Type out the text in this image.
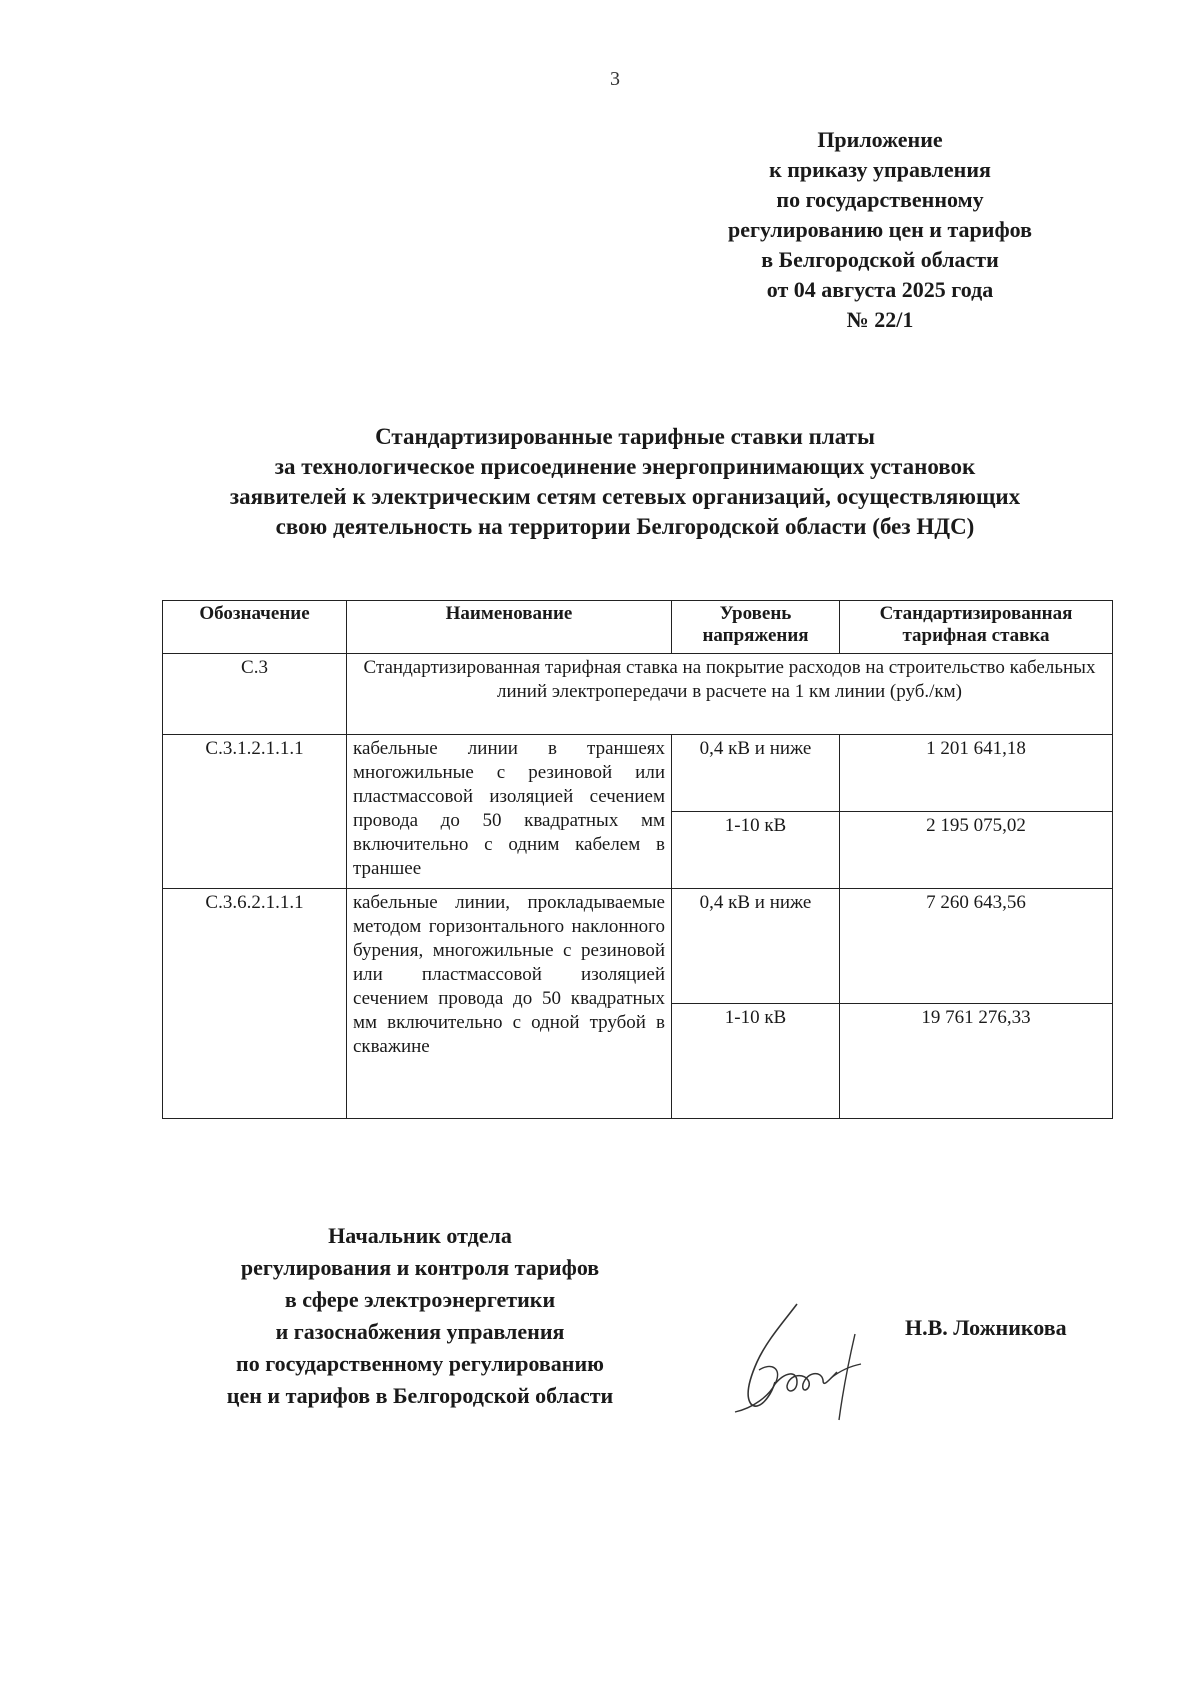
3
Приложение
к приказу управления
по государственному
регулированию цен и тарифов
в Белгородской области
от 04 августа 2025 года
№ 22/1
Стандартизированные тарифные ставки платы
за технологическое присоединение энергопринимающих установок
заявителей к электрическим сетям сетевых организаций, осуществляющих
свою деятельность на территории Белгородской области (без НДС)
Обозначение	Наименование	Уровень напряжения	Стандартизированная тарифная ставка
С.3	Стандартизированная тарифная ставка на покрытие расходов на строительство кабельных линий электропередачи в расчете на 1 км линии (руб./км)		
С.3.1.2.1.1.1	кабельные линии в траншеях многожильные с резиновой или пластмассовой изоляцией сечением провода до 50 квадратных мм включительно с одним кабелем в траншее	0,4 кВ и ниже	1 201 641,18
		1-10 кВ	2 195 075,02
С.3.6.2.1.1.1	кабельные линии, прокладываемые методом горизонтального наклонного бурения, многожильные с резиновой или пластмассовой изоляцией сечением провода до 50 квадратных мм включительно с одной трубой в скважине	0,4 кВ и ниже	7 260 643,56
		1-10 кВ	19 761 276,33
Начальник отдела
регулирования и контроля тарифов
в сфере электроэнергетики
и газоснабжения управления
по государственному регулированию
цен и тарифов в Белгородской области
Н.В. Ложникова
